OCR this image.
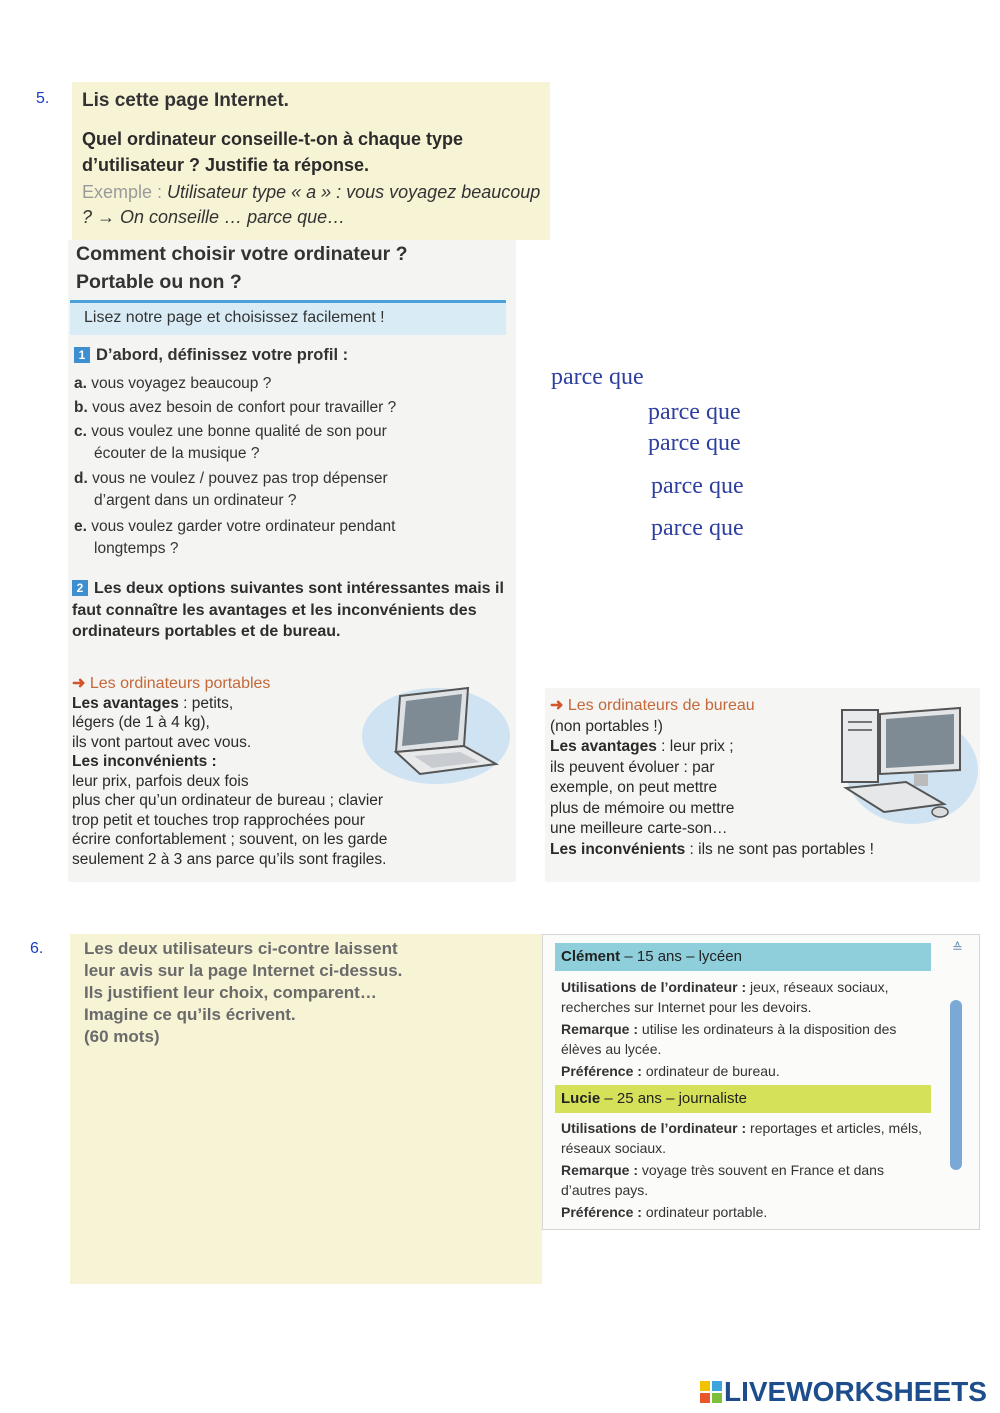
5. Lis cette page Internet.
Quel ordinateur conseille-t-on à chaque type d’utilisateur ? Justifie ta réponse.
Exemple : Utilisateur type « a » : vous voyagez beaucoup ? → On conseille … parce que…
Comment choisir votre ordinateur ?
Portable ou non ?
Lisez notre page et choisissez facilement !
1 D’abord, définissez votre profil :
a. vous voyagez beaucoup ?
b. vous avez besoin de confort pour travailler ?
c. vous voulez une bonne qualité de son pour
écouter de la musique ?
d. vous ne voulez / pouvez pas trop dépenser
d’argent dans un ordinateur ?
e. vous voulez garder votre ordinateur pendant
longtemps ?
2 Les deux options suivantes sont intéressantes mais il faut connaître les avantages et les inconvénients des ordinateurs portables et de bureau.
➜ Les ordinateurs portables
Les avantages : petits,
légers (de 1 à 4 kg),
ils vont partout avec vous.
Les inconvénients :
leur prix, parfois deux fois
plus cher qu’un ordinateur de bureau ; clavier
trop petit et touches trop rapprochées pour
écrire confortablement ; souvent, on les garde
seulement 2 à 3 ans parce qu’ils sont fragiles.
parce que
parce que
parce que
parce que
parce que
➜ Les ordinateurs de bureau
(non portables !)
Les avantages : leur prix ;
ils peuvent évoluer : par
exemple, on peut mettre
plus de mémoire ou mettre
une meilleure carte-son…
Les inconvénients : ils ne sont pas portables !
6. Les deux utilisateurs ci-contre laissent
leur avis sur la page Internet ci-dessus.
Ils justifient leur choix, comparent…
Imagine ce qu’ils écrivent.
(60 mots)
Clément – 15 ans – lycéen
Utilisations de l’ordinateur : jeux, réseaux sociaux, recherches sur Internet pour les devoirs.
Remarque : utilise les ordinateurs à la disposition des élèves au lycée.
Préférence : ordinateur de bureau.
Lucie – 25 ans – journaliste
Utilisations de l’ordinateur : reportages et articles, méls, réseaux sociaux.
Remarque : voyage très souvent en France et dans d’autres pays.
Préférence : ordinateur portable.
≙
LIVEWORKSHEETS
